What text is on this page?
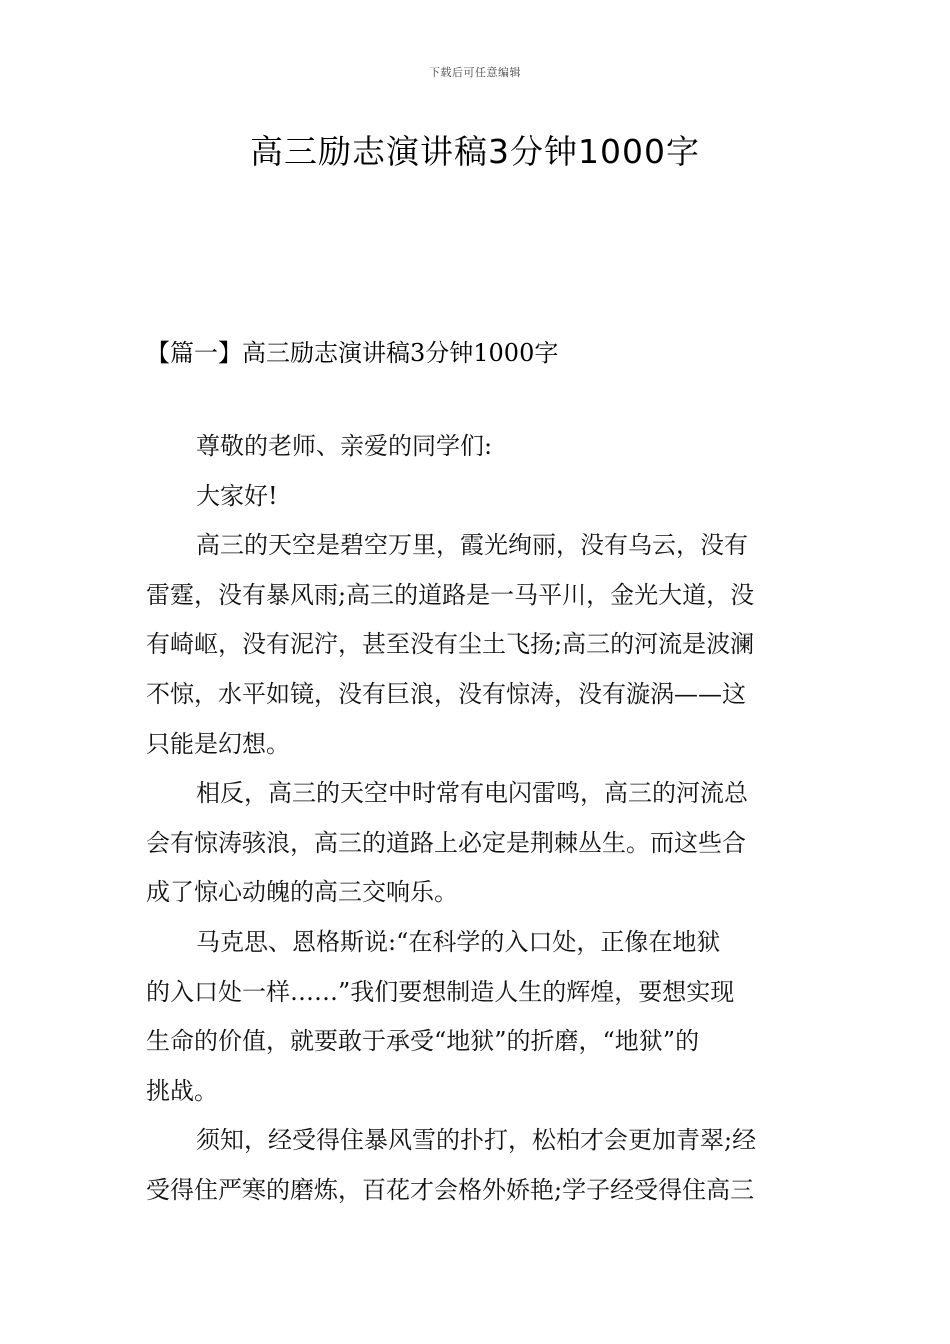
下载后可任意编辑
高三励志演讲稿3分钟1000字
【篇一】高三励志演讲稿3分钟1000字
尊敬的老师、亲爱的同学们:
大家好!
高三的天空是碧空万里，霞光绚丽，没有乌云，没有
雷霆，没有暴风雨;高三的道路是一马平川，金光大道，没
有崎岖，没有泥泞，甚至没有尘土飞扬;高三的河流是波澜
不惊，水平如镜，没有巨浪，没有惊涛，没有漩涡——这
只能是幻想。
相反，高三的天空中时常有电闪雷鸣，高三的河流总
会有惊涛骇浪，高三的道路上必定是荆棘丛生。而这些合
成了惊心动魄的高三交响乐。
马克思、恩格斯说:“在科学的入口处，正像在地狱
的入口处一样……”我们要想制造人生的辉煌，要想实现
生命的价值，就要敢于承受“地狱”的折磨，“地狱”的
挑战。
须知，经受得住暴风雪的扑打，松柏才会更加青翠;经
受得住严寒的磨炼，百花才会格外娇艳;学子经受得住高三
